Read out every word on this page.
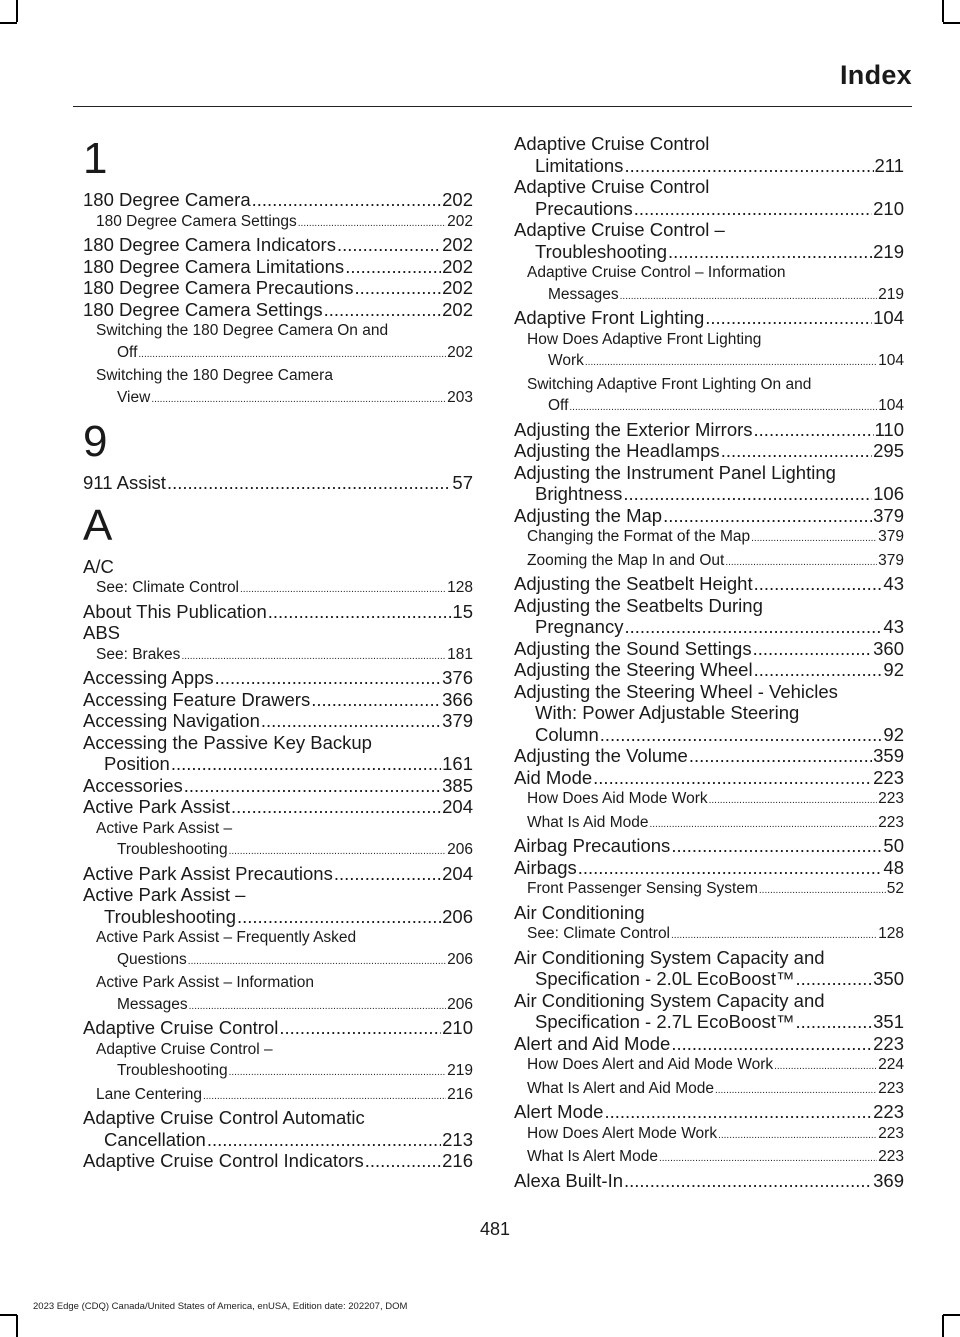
Index
1
180 Degree Camera .....	202
180 Degree Camera Settings .....	202
180 Degree Camera Indicators .....	202
180 Degree Camera Limitations .....	202
180 Degree Camera Precautions .....	202
180 Degree Camera Settings .....	202
Switching the 180 Degree Camera On and
Off .....	202
Switching the 180 Degree Camera
View .....	203
9
911 Assist .....	57
A
A/C
See: Climate Control .....	128
About This Publication .....	15
ABS
See: Brakes .....	181
Accessing Apps .....	376
Accessing Feature Drawers .....	366
Accessing Navigation .....	379
Accessing the Passive Key Backup
Position .....	161
Accessories .....	385
Active Park Assist .....	204
Active Park Assist –
Troubleshooting .....	206
Active Park Assist Precautions .....	204
Active Park Assist –
Troubleshooting .....	206
Active Park Assist – Frequently Asked
Questions .....	206
Active Park Assist – Information
Messages .....	206
Adaptive Cruise Control .....	210
Adaptive Cruise Control –
Troubleshooting .....	219
Lane Centering .....	216
Adaptive Cruise Control Automatic
Cancellation .....	213
Adaptive Cruise Control Indicators .....	216
Adaptive Cruise Control
Limitations .....	211
Adaptive Cruise Control
Precautions .....	210
Adaptive Cruise Control –
Troubleshooting .....	219
Adaptive Cruise Control – Information
Messages .....	219
Adaptive Front Lighting .....	104
How Does Adaptive Front Lighting
Work .....	104
Switching Adaptive Front Lighting On and
Off .....	104
Adjusting the Exterior Mirrors .....	110
Adjusting the Headlamps .....	295
Adjusting the Instrument Panel Lighting
Brightness .....	106
Adjusting the Map .....	379
Changing the Format of the Map .....	379
Zooming the Map In and Out .....	379
Adjusting the Seatbelt Height .....	43
Adjusting the Seatbelts During
Pregnancy .....	43
Adjusting the Sound Settings .....	360
Adjusting the Steering Wheel .....	92
Adjusting the Steering Wheel - Vehicles
With: Power Adjustable Steering
Column .....	92
Adjusting the Volume .....	359
Aid Mode .....	223
How Does Aid Mode Work .....	223
What Is Aid Mode .....	223
Airbag Precautions .....	50
Airbags .....	48
Front Passenger Sensing System .....	52
Air Conditioning
See: Climate Control .....	128
Air Conditioning System Capacity and
Specification - 2.0L EcoBoost™ .....	350
Air Conditioning System Capacity and
Specification - 2.7L EcoBoost™ .....	351
Alert and Aid Mode .....	223
How Does Alert and Aid Mode Work .....	224
What Is Alert and Aid Mode .....	223
Alert Mode .....	223
How Does Alert Mode Work .....	223
What Is Alert Mode .....	223
Alexa Built-In .....	369
481
2023 Edge (CDQ) Canada/United States of America, enUSA, Edition date: 202207, DOM
